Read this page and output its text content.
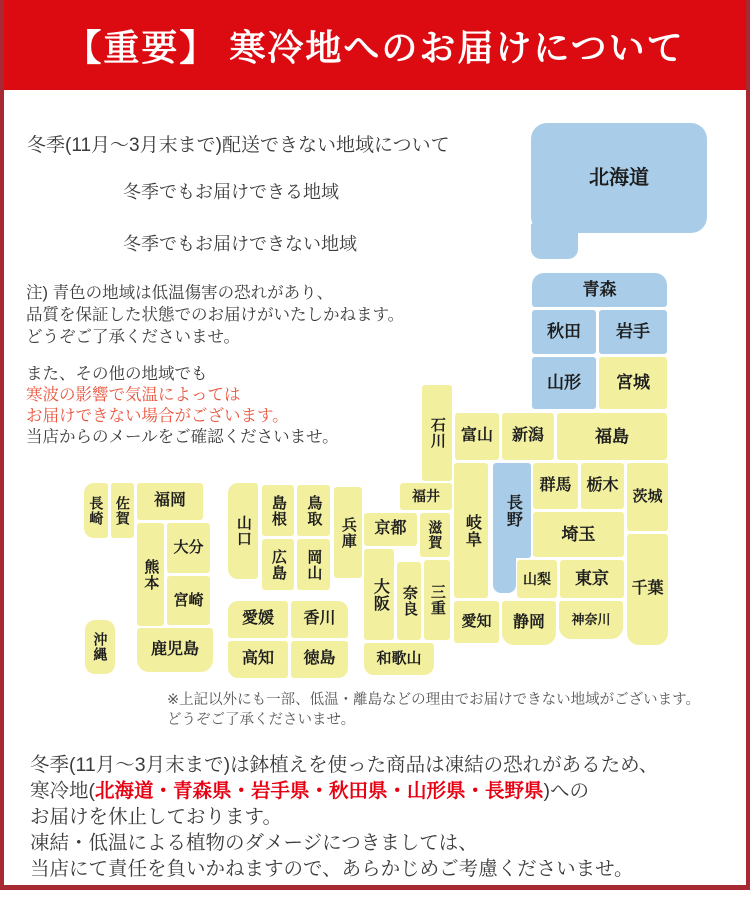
北海道
青森
秋田	岩手
山形	宮城
新潟	福島
石川 富山
岐阜
長野
群馬 栃木
茨城
埼玉
山梨	東京
千葉
神奈川
静岡
愛知
福井
滋賀
京都
大阪 奈良 三重
和歌山
兵庫
鳥取
岡山
島根
広島
山口
福岡
佐賀
長崎
熊本
大分
宮崎
鹿児島
沖縄
愛媛	香川
高知	徳島
【重要】 寒冷地へのお届けについて
冬季(11月～3月末まで)配送できない地域について
冬季でもお届けできる地域
冬季でもお届けできない地域
注) 青色の地域は低温傷害の恐れがあり、
品質を保証した状態でのお届けがいたしかねます。
どうぞご了承くださいませ。
また、その他の地域でも
寒波の影響で気温によっては
お届けできない場合がございます。
当店からのメールをご確認くださいませ。
※上記以外にも一部、低温・離島などの理由でお届けできない地域がございます。
どうぞご了承くださいませ。
冬季(11月～3月末まで)は鉢植えを使った商品は凍結の恐れがあるため、
寒冷地(北海道・青森県・岩手県・秋田県・山形県・長野県)への
お届けを休止しております。
凍結・低温による植物のダメージにつきましては、
当店にて責任を負いかねますので、あらかじめご考慮くださいませ。
